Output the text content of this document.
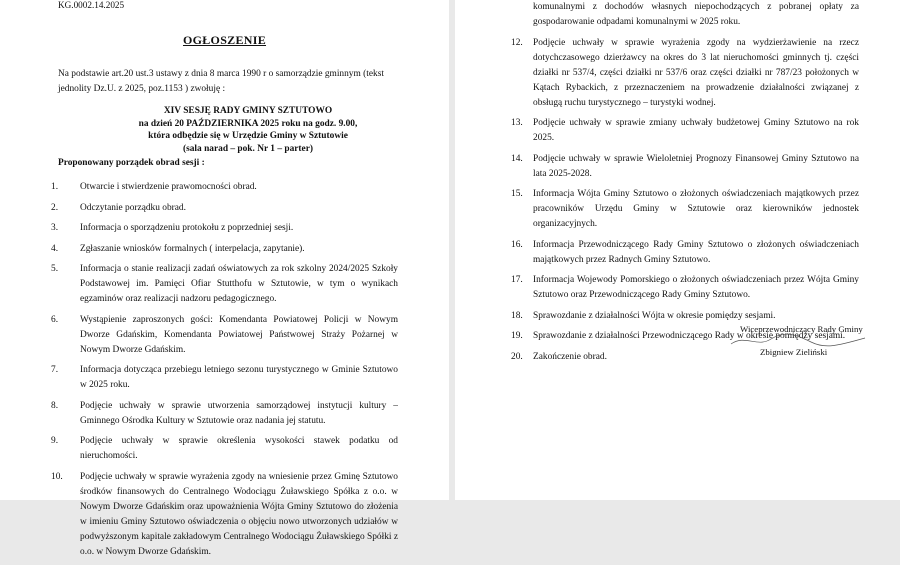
KG.0002.14.2025
OGŁOSZENIE
Na podstawie art.20 ust.3 ustawy z dnia 8 marca 1990 r o samorządzie gminnym (tekst jednolity Dz.U. z 2025, poz.1153 ) zwołuję :
XIV SESJĘ RADY GMINY SZTUTOWO
na dzień 20 PAŹDZIERNIKA 2025 roku na godz. 9.00,
która odbędzie się w Urzędzie Gminy w Sztutowie
(sala narad – pok. Nr 1 – parter)
Proponowany porządek obrad sesji :
1. Otwarcie i stwierdzenie prawomocności obrad.
2. Odczytanie porządku obrad.
3. Informacja o sporządzeniu protokołu z poprzedniej sesji.
4. Zgłaszanie wniosków formalnych ( interpelacja, zapytanie).
5. Informacja o stanie realizacji zadań oświatowych za rok szkolny 2024/2025 Szkoły Podstawowej im. Pamięci Ofiar Stutthofu w Sztutowie, w tym o wynikach egzaminów oraz realizacji nadzoru pedagogicznego.
6. Wystąpienie zaproszonych gości: Komendanta Powiatowej Policji w Nowym Dworze Gdańskim, Komendanta Powiatowej Państwowej Straży Pożarnej w Nowym Dworze Gdańskim.
7. Informacja dotycząca przebiegu letniego sezonu turystycznego w Gminie Sztutowo w 2025 roku.
8. Podjęcie uchwały w sprawie utworzenia samorządowej instytucji kultury – Gminnego Ośrodka Kultury w Sztutowie oraz nadania jej statutu.
9. Podjęcie uchwały w sprawie określenia wysokości stawek podatku od nieruchomości.
10. Podjęcie uchwały w sprawie wyrażenia zgody na wniesienie przez Gminę Sztutowo środków finansowych do Centralnego Wodociągu Żuławskiego Spółka z o.o. w Nowym Dworze Gdańskim oraz upoważnienia Wójta Gminy Sztutowo do złożenia w imieniu Gminy Sztutowo oświadczenia o objęciu nowo utworzonych udziałów w podwyższonym kapitale zakładowym Centralnego Wodociągu Żuławskiego Spółki z o.o. w Nowym Dworze Gdańskim.
komunalnymi z dochodów własnych niepochodzących z pobranej opłaty za gospodarowanie odpadami komunalnymi w 2025 roku.
12. Podjęcie uchwały w sprawie wyrażenia zgody na wydzierżawienie na rzecz dotychczasowego dzierżawcy na okres do 3 lat nieruchomości gminnych tj. części działki nr 537/4, części działki nr 537/6 oraz części działki nr 787/23 położonych w Kątach Rybackich, z przeznaczeniem na prowadzenie działalności związanej z obsługą ruchu turystycznego – turystyki wodnej.
13. Podjęcie uchwały w sprawie zmiany uchwały budżetowej Gminy Sztutowo na rok 2025.
14. Podjęcie uchwały w sprawie Wieloletniej Prognozy Finansowej Gminy Sztutowo na lata 2025-2028.
15. Informacja Wójta Gminy Sztutowo o złożonych oświadczeniach majątkowych przez pracowników Urzędu Gminy w Sztutowie oraz kierowników jednostek organizacyjnych.
16. Informacja Przewodniczącego Rady Gminy Sztutowo o złożonych oświadczeniach majątkowych przez Radnych Gminy Sztutowo.
17. Informacja Wojewody Pomorskiego o złożonych oświadczeniach przez Wójta Gminy Sztutowo oraz Przewodniczącego Rady Gminy Sztutowo.
18. Sprawozdanie z działalności Wójta w okresie pomiędzy sesjami.
19. Sprawozdanie z działalności Przewodniczącego Rady w okresie pomiędzy sesjami.
20. Zakończenie obrad.
Wiceprzewodniczący Rady Gminy
Zbigniew Zieliński
